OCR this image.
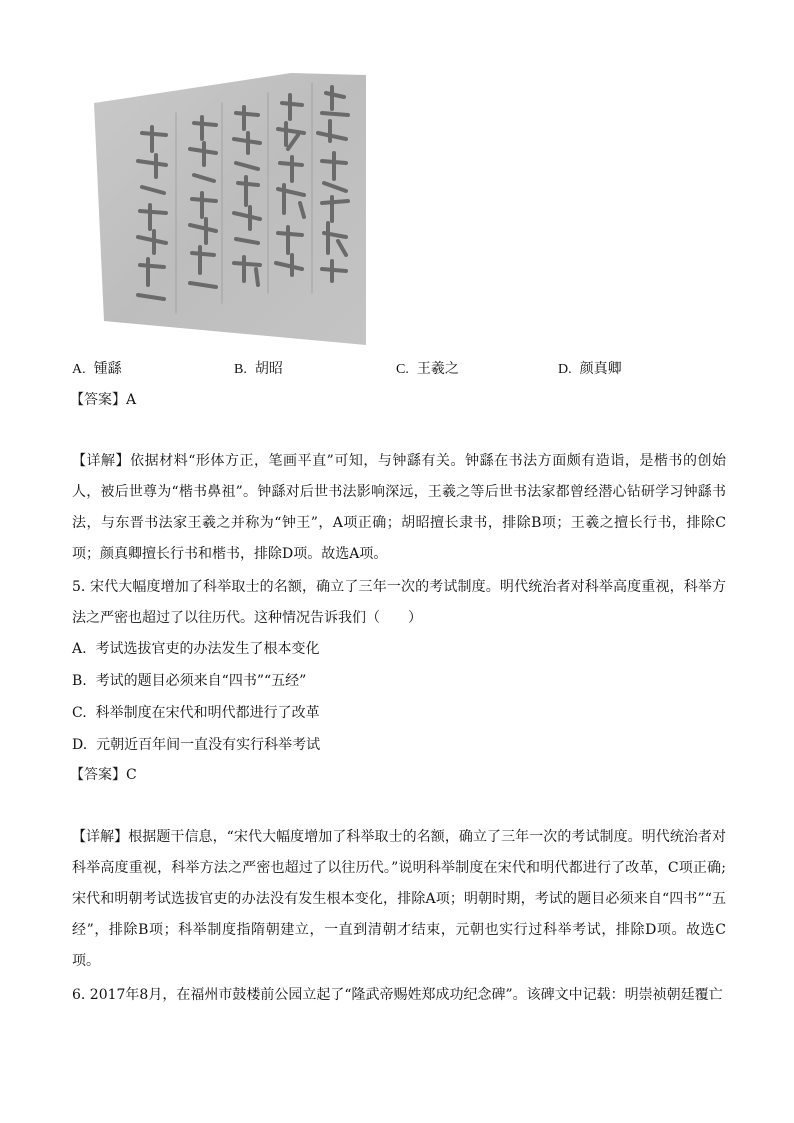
A. 锺繇	B. 胡昭	C. 王羲之	D. 颜真卿
【答案】A
【详解】依据材料“形体方正，笔画平直”可知，与钟繇有关。钟繇在书法方面颇有造诣，是楷书的创始人，被后世尊为“楷书鼻祖”。钟繇对后世书法影响深远，王羲之等后世书法家都曾经潜心钻研学习钟繇书法，与东晋书法家王羲之并称为“钟王”，A项正确；胡昭擅长隶书，排除B项；王羲之擅长行书，排除C项；颜真卿擅长行书和楷书，排除D项。故选A项。
5. 宋代大幅度增加了科举取士的名额，确立了三年一次的考试制度。明代统治者对科举高度重视，科举方法之严密也超过了以往历代。这种情况告诉我们（　　）
A. 考试选拔官吏的办法发生了根本变化
B. 考试的题目必须来自“四书”“五经”
C. 科举制度在宋代和明代都进行了改革
D. 元朝近百年间一直没有实行科举考试
【答案】C
【详解】根据题干信息，“宋代大幅度增加了科举取士的名额，确立了三年一次的考试制度。明代统治者对科举高度重视，科举方法之严密也超过了以往历代。”说明科举制度在宋代和明代都进行了改革，C项正确;宋代和明朝考试选拔官吏的办法没有发生根本变化，排除A项；明朝时期，考试的题目必须来自“四书”“五经”，排除B项；科举制度指隋朝建立，一直到清朝才结束，元朝也实行过科举考试，排除D项。故选C项。
6. 2017年8月，在福州市鼓楼前公园立起了“隆武帝赐姓郑成功纪念碑”。该碑文中记载：明崇祯朝廷覆亡
